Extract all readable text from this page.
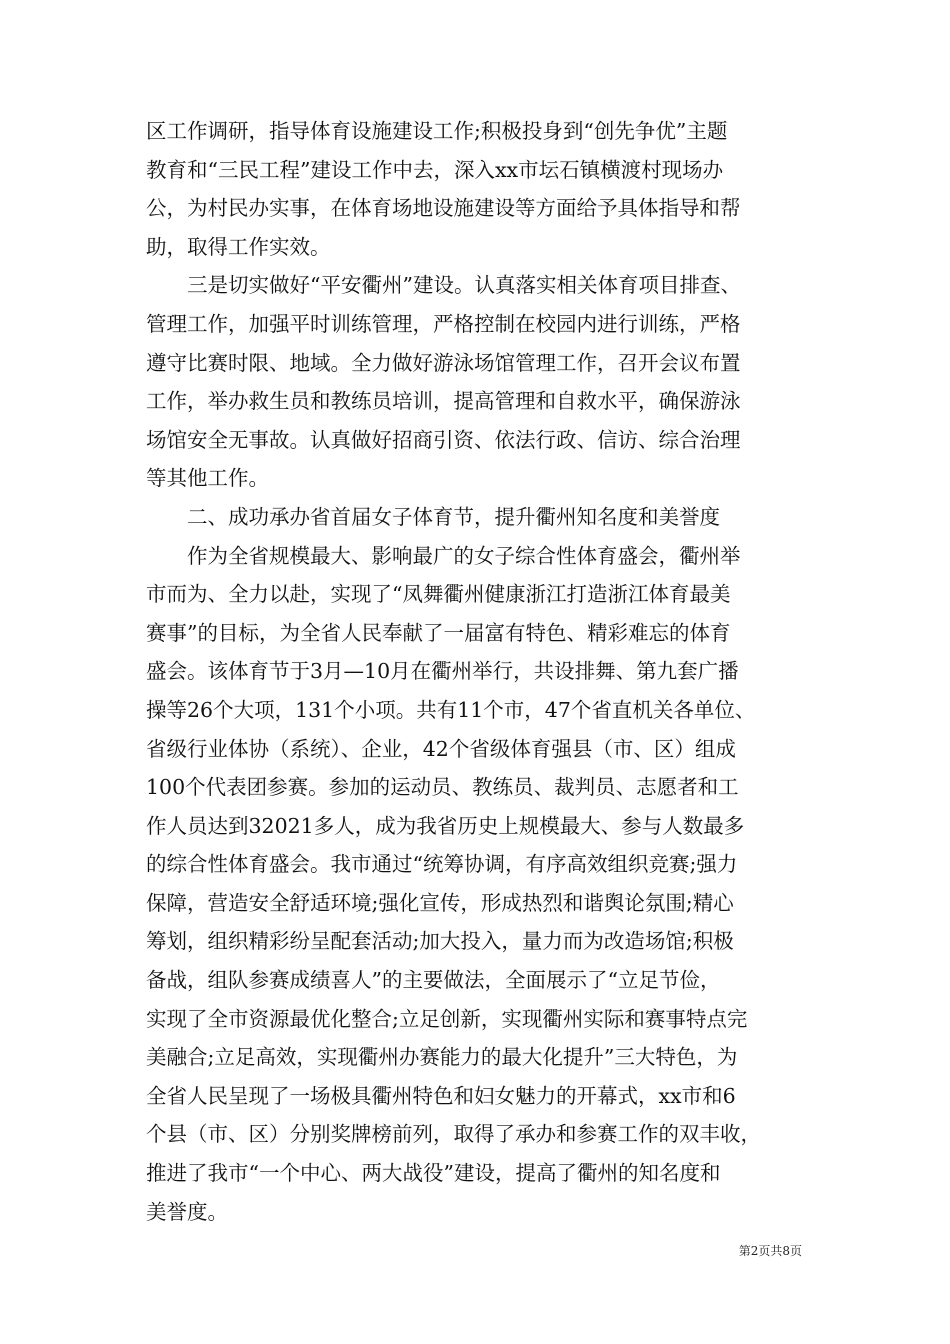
区工作调研，指导体育设施建设工作;积极投身到“创先争优”主题
教育和“三民工程”建设工作中去，深入xx市坛石镇横渡村现场办
公，为村民办实事，在体育场地设施建设等方面给予具体指导和帮
助，取得工作实效。
　　三是切实做好“平安衢州”建设。认真落实相关体育项目排查、
管理工作，加强平时训练管理，严格控制在校园内进行训练，严格
遵守比赛时限、地域。全力做好游泳场馆管理工作，召开会议布置
工作，举办救生员和教练员培训，提高管理和自救水平，确保游泳
场馆安全无事故。认真做好招商引资、依法行政、信访、综合治理
等其他工作。
　　二、成功承办省首届女子体育节，提升衢州知名度和美誉度
　　作为全省规模最大、影响最广的女子综合性体育盛会，衢州举
市而为、全力以赴，实现了“凤舞衢州健康浙江打造浙江体育最美
赛事”的目标，为全省人民奉献了一届富有特色、精彩难忘的体育
盛会。该体育节于3月—10月在衢州举行，共设排舞、第九套广播
操等26个大项，131个小项。共有11个市，47个省直机关各单位、
省级行业体协（系统）、企业，42个省级体育强县（市、区）组成
100个代表团参赛。参加的运动员、教练员、裁判员、志愿者和工
作人员达到32021多人，成为我省历史上规模最大、参与人数最多
的综合性体育盛会。我市通过“统筹协调，有序高效组织竞赛;强力
保障，营造安全舒适环境;强化宣传，形成热烈和谐舆论氛围;精心
筹划，组织精彩纷呈配套活动;加大投入，量力而为改造场馆;积极
备战，组队参赛成绩喜人”的主要做法，全面展示了“立足节俭，
实现了全市资源最优化整合;立足创新，实现衢州实际和赛事特点完
美融合;立足高效，实现衢州办赛能力的最大化提升”三大特色，为
全省人民呈现了一场极具衢州特色和妇女魅力的开幕式，xx市和6
个县（市、区）分别奖牌榜前列，取得了承办和参赛工作的双丰收，
推进了我市“一个中心、两大战役”建设，提高了衢州的知名度和
美誉度。
第2页共8页
